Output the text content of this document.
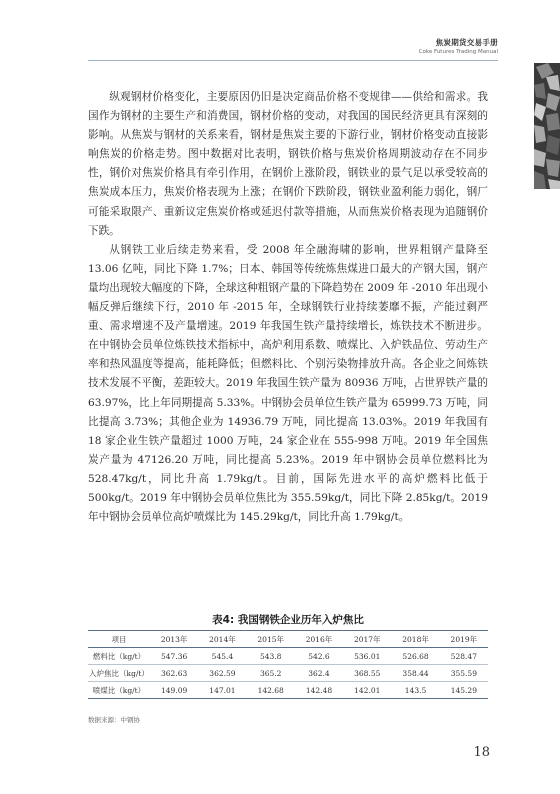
焦炭期货交易手册
Coke Futures Trading Manual

纵观钢材价格变化，主要原因仍旧是决定商品价格不变规律——供给和需求。我国作为钢材的主要生产和消费国，钢材价格的变动，对我国的国民经济更具有深刻的影响。从焦炭与钢材的关系来看，钢材是焦炭主要的下游行业，钢材价格变动直接影响焦炭的价格走势。图中数据对比表明，钢铁价格与焦炭价格周期波动存在不同步性，钢价对焦炭价格具有牵引作用，在钢价上涨阶段，钢铁业的景气足以承受较高的焦炭成本压力，焦炭价格表现为上涨；在钢价下跌阶段，钢铁业盈利能力弱化，钢厂可能采取限产、重新议定焦炭价格或延迟付款等措施，从而焦炭价格表现为追随钢价下跌。

从钢铁工业后续走势来看，受 2008 年全融海啸的影响，世界粗钢产量降至 13.06 亿吨，同比下降 1.7%；日本、韩国等传统炼焦煤进口最大的产钢大国，钢产量均出现较大幅度的下降，全球这种粗钢产量的下降趋势在 2009 年 -2010 年出现小幅反弹后继续下行，2010 年 -2015 年，全球钢铁行业持续萎靡不振，产能过剩严重、需求增速不及产量增速。2019 年我国生铁产量持续增长，炼铁技术不断进步。在中钢协会员单位炼铁技术指标中，高炉利用系数、喷煤比、入炉铁品位、劳动生产率和热风温度等提高，能耗降低；但燃料比、个别污染物排放升高。各企业之间炼铁技术发展不平衡，差距较大。2019 年我国生铁产量为 80936 万吨，占世界铁产量的 63.97%，比上年同期提高 5.33%。中钢协会员单位生铁产量为 65999.73 万吨，同比提高 3.73%；其他企业为 14936.79 万吨，同比提高 13.03%。2019 年我国有 18 家企业生铁产量超过 1000 万吨，24 家企业在 555-998 万吨。2019 年全国焦炭产量为 47126.20 万吨，同比提高 5.23%。2019 年中钢协会员单位燃料比为 528.47kg/t，同比升高 1.79kg/t。目前，国际先进水平的高炉燃料比低于 500kg/t。2019 年中钢协会员单位焦比为 355.59kg/t，同比下降 2.85kg/t。2019 年中钢协会员单位高炉喷煤比为 145.29kg/t，同比升高 1.79kg/t。

表4: 我国钢铁企业历年入炉焦比
项目	2013年	2014年	2015年	2016年	2017年	2018年	2019年
燃料比（kg/t）	547.36	545.4	543.8	542.6	536.01	526.68	528.47
入炉焦比（kg/t）	362.63	362.59	365.2	362.4	368.55	358.44	355.59
喷煤比（kg/t）	149.09	147.01	142.68	142.48	142.01	143.5	145.29
数据来源：中钢协
18
